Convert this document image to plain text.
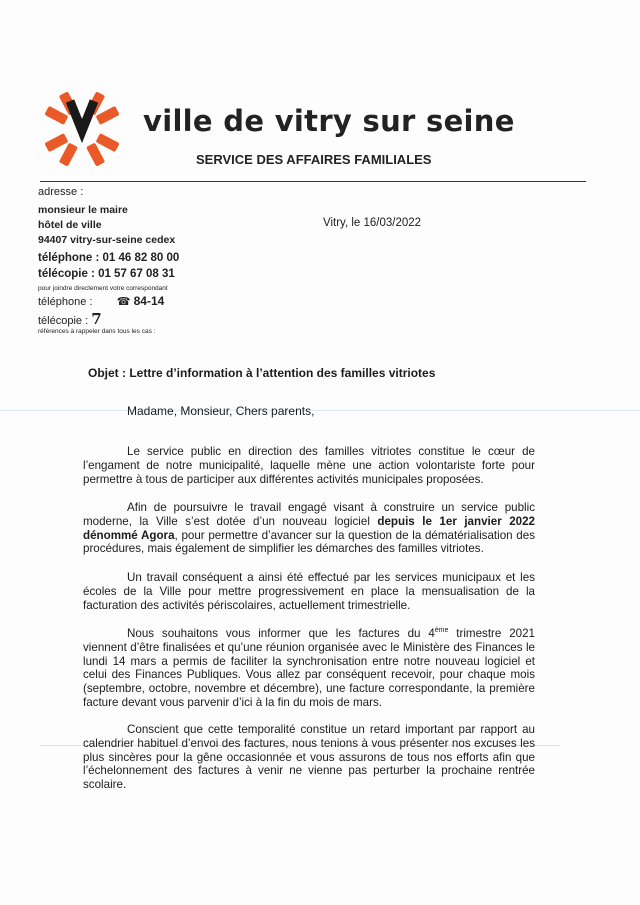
ville de vitry sur seine
SERVICE DES AFFAIRES FAMILIALES
adresse :
monsieur le maire
hôtel de ville
94407 vitry-sur-seine cedex
téléphone : 01 46 82 80 00
télécopie : 01 57 67 08 31
pour joindre directement votre correspondant
téléphone : ☎ 84-14
télécopie : 7
références à rappeler dans tous les cas :
Vitry, le 16/03/2022
Objet : Lettre d’information à l’attention des familles vitriotes
Madame, Monsieur, Chers parents,

Le service public en direction des familles vitriotes constitue le cœur de l’engament de notre municipalité, laquelle mène une action volontariste forte pour permettre à tous de participer aux différentes activités municipales proposées.

Afin de poursuivre le travail engagé visant à construire un service public moderne, la Ville s’est dotée d’un nouveau logiciel depuis le 1er janvier 2022 dénommé Agora, pour permettre d’avancer sur la question de la dématérialisation des procédures, mais également de simplifier les démarches des familles vitriotes.

Un travail conséquent a ainsi été effectué par les services municipaux et les écoles de la Ville pour mettre progressivement en place la mensualisation de la facturation des activités périscolaires, actuellement trimestrielle.

Nous souhaitons vous informer que les factures du 4ème trimestre 2021 viennent d’être finalisées et qu’une réunion organisée avec le Ministère des Finances le lundi 14 mars a permis de faciliter la synchronisation entre notre nouveau logiciel et celui des Finances Publiques. Vous allez par conséquent recevoir, pour chaque mois (septembre, octobre, novembre et décembre), une facture correspondante, la première facture devant vous parvenir d’ici à la fin du mois de mars.

Conscient que cette temporalité constitue un retard important par rapport au calendrier habituel d’envoi des factures, nous tenions à vous présenter nos excuses les plus sincères pour la gêne occasionnée et vous assurons de tous nos efforts afin que l’échelonnement des factures à venir ne vienne pas perturber la prochaine rentrée scolaire.
